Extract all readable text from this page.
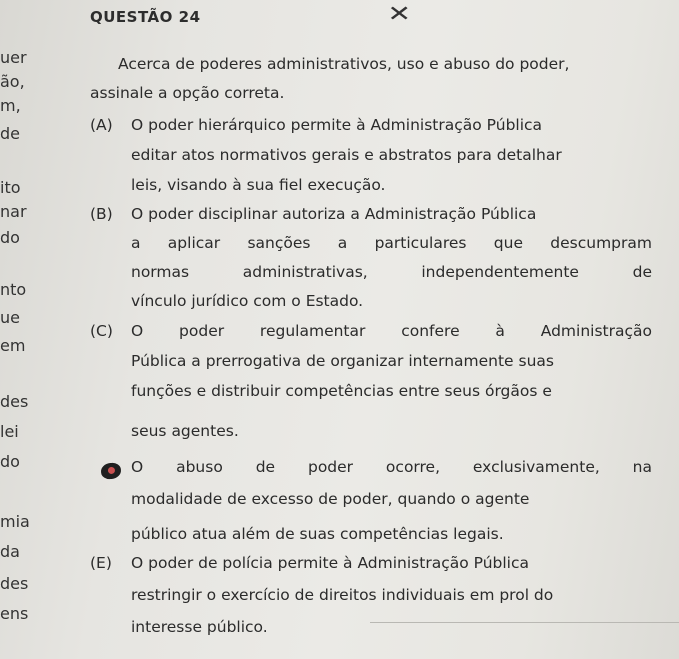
QUESTÃO 24	✕
uer
ão,
m,
de
ito
nar
do
nto
ue
em
des
lei
do
mia
da
des
ens
Acerca de poderes administrativos, uso e abuso do poder,
assinale a opção correta.
(A) O poder hierárquico permite à Administração Pública
editar atos normativos gerais e abstratos para detalhar
leis, visando à sua fiel execução.
(B) O poder disciplinar autoriza a Administração Pública
a aplicar sanções a particulares que descumpram
normas administrativas, independentemente de
vínculo jurídico com o Estado.
(C) O poder regulamentar confere à Administração
Pública a prerrogativa de organizar internamente suas
funções e distribuir competências entre seus órgãos e
seus agentes.
O abuso de poder ocorre, exclusivamente, na
modalidade de excesso de poder, quando o agente
público atua além de suas competências legais.
(E) O poder de polícia permite à Administração Pública
restringir o exercício de direitos individuais em prol do
interesse público.
